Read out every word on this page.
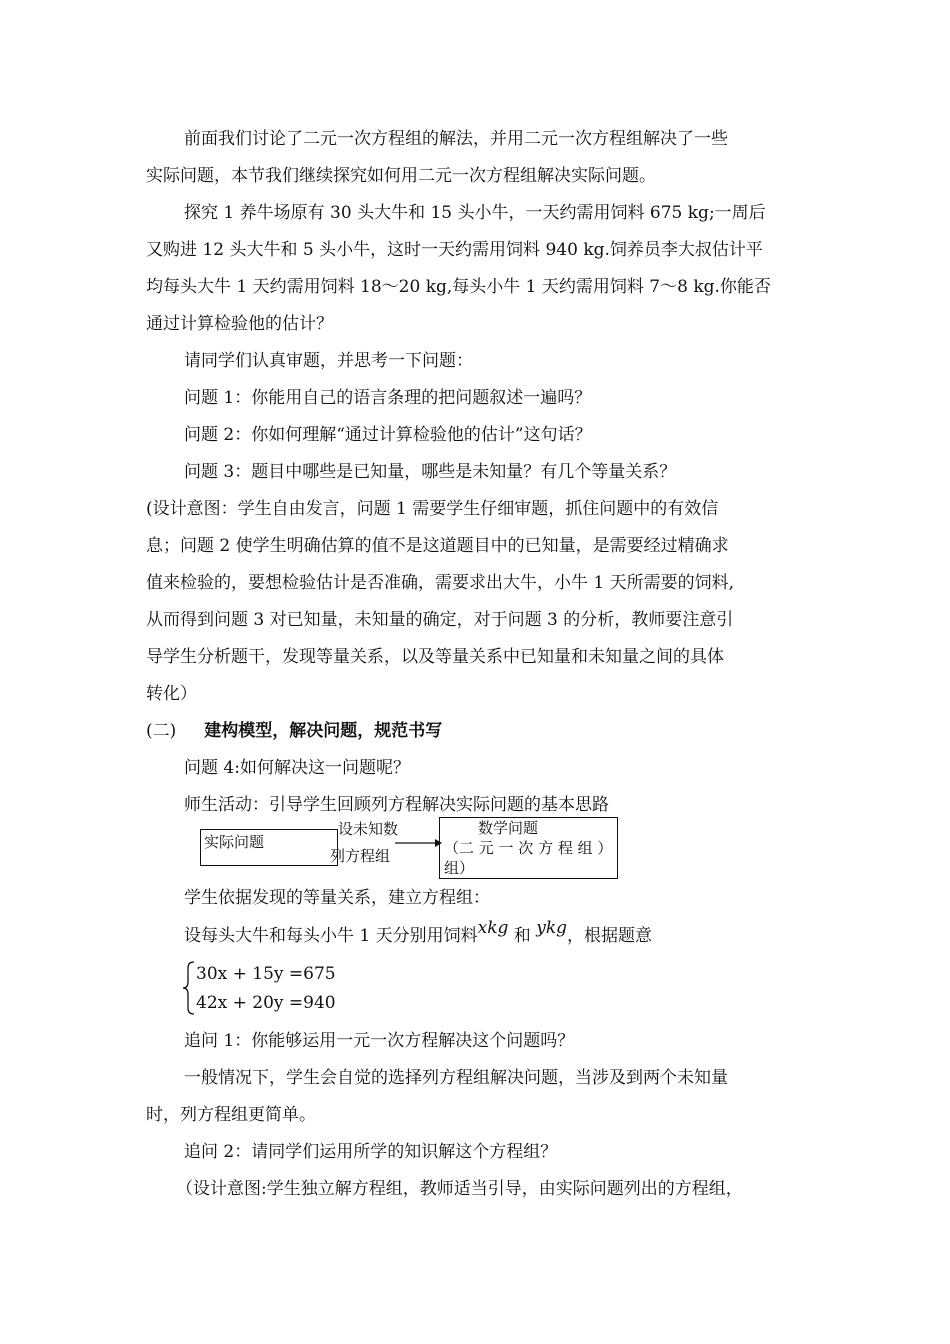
前面我们讨论了二元一次方程组的解法，并用二元一次方程组解决了一些
实际问题，本节我们继续探究如何用二元一次方程组解决实际问题。
探究 1 养牛场原有 30 头大牛和 15 头小牛，一天约需用饲料 675 kg;一周后
又购进 12 头大牛和 5 头小牛，这时一天约需用饲料 940 kg.饲养员李大叔估计平
均每头大牛 1 天约需用饲料 18～20 kg,每头小牛 1 天约需用饲料 7～8 kg.你能否
通过计算检验他的估计？
请同学们认真审题，并思考一下问题：
问题 1：你能用自己的语言条理的把问题叙述一遍吗？
问题 2：你如何理解“通过计算检验他的估计”这句话？
问题 3：题目中哪些是已知量，哪些是未知量？有几个等量关系？
(设计意图：学生自由发言，问题 1 需要学生仔细审题，抓住问题中的有效信
息；问题 2 使学生明确估算的值不是这道题目中的已知量，是需要经过精确求
值来检验的，要想检验估计是否准确，需要求出大牛，小牛 1 天所需要的饲料,
从而得到问题 3 对已知量，未知量的确定，对于问题 3 的分析，教师要注意引
导学生分析题干，发现等量关系，以及等量关系中已知量和未知量之间的具体
转化）
(二) 建构模型，解决问题，规范书写
问题 4:如何解决这一问题呢？
师生活动：引导学生回顾列方程解决实际问题的基本思路
实际问题
设未知数
列方程组
数学问题
（二 元 一 次 方 程 组 ）
组）
学生依据发现的等量关系，建立方程组：
设每头大牛和每头小牛 1 天分别用饲料xkg 和 ykg，根据题意
30x + 15y =675
42x + 20y =940
追问 1：你能够运用一元一次方程解决这个问题吗？
一般情况下，学生会自觉的选择列方程组解决问题，当涉及到两个未知量
时，列方程组更简单。
追问 2：请同学们运用所学的知识解这个方程组？
（设计意图:学生独立解方程组，教师适当引导，由实际问题列出的方程组，
